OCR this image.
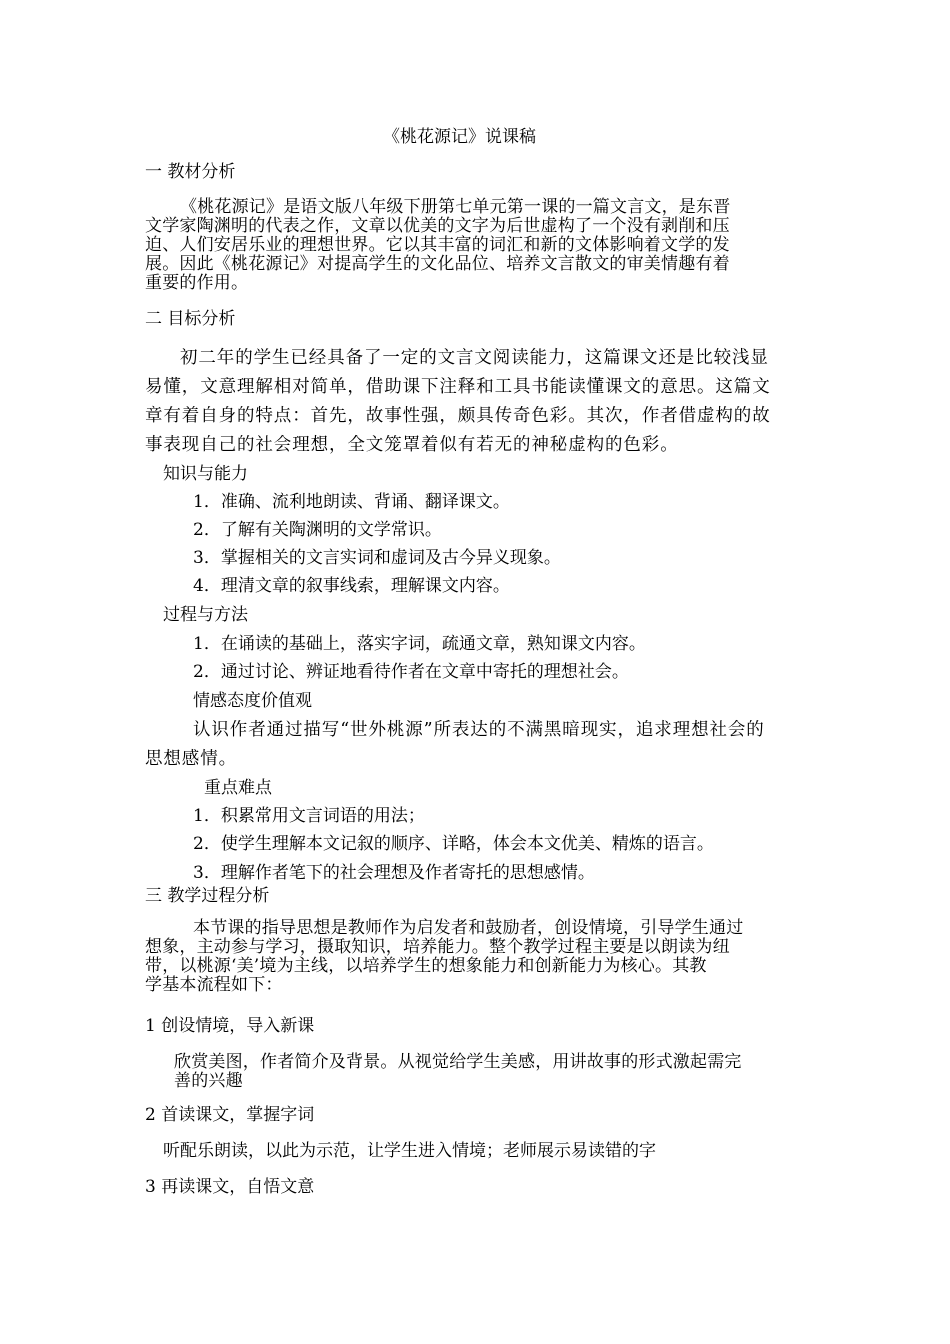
《桃花源记》说课稿
一 教材分析
《桃花源记》是语文版八年级下册第七单元第一课的一篇文言文，是东晋
文学家陶渊明的代表之作，文章以优美的文字为后世虚构了一个没有剥削和压
迫、人们安居乐业的理想世界。它以其丰富的词汇和新的文体影响着文学的发
展。因此《桃花源记》对提高学生的文化品位、培养文言散文的审美情趣有着
重要的作用。
二 目标分析
初二年的学生已经具备了一定的文言文阅读能力，这篇课文还是比较浅显
易懂，文意理解相对简单，借助课下注释和工具书能读懂课文的意思。这篇文
章有着自身的特点：首先，故事性强，颇具传奇色彩。其次，作者借虚构的故
事表现自己的社会理想，全文笼罩着似有若无的神秘虚构的色彩。
知识与能力
1．准确、流利地朗读、背诵、翻译课文。
2．了解有关陶渊明的文学常识。
3．掌握相关的文言实词和虚词及古今异义现象。
4．理清文章的叙事线索，理解课文内容。
过程与方法
1．在诵读的基础上，落实字词，疏通文章，熟知课文内容。
2．通过讨论、辨证地看待作者在文章中寄托的理想社会。
情感态度价值观
认识作者通过描写“世外桃源”所表达的不满黑暗现实，追求理想社会的
思想感情。
重点难点
1．积累常用文言词语的用法；
2．使学生理解本文记叙的顺序、详略，体会本文优美、精炼的语言。
3．理解作者笔下的社会理想及作者寄托的思想感情。
三 教学过程分析
本节课的指导思想是教师作为启发者和鼓励者，创设情境，引导学生通过
想象，主动参与学习，摄取知识，培养能力。整个教学过程主要是以朗读为纽
带，以桃源‘美’境为主线，以培养学生的想象能力和创新能力为核心。其教
学基本流程如下：
1 创设情境，导入新课
欣赏美图，作者简介及背景。从视觉给学生美感，用讲故事的形式激起需完
善的兴趣
2 首读课文，掌握字词
听配乐朗读，以此为示范，让学生进入情境；老师展示易读错的字
3 再读课文，自悟文意
